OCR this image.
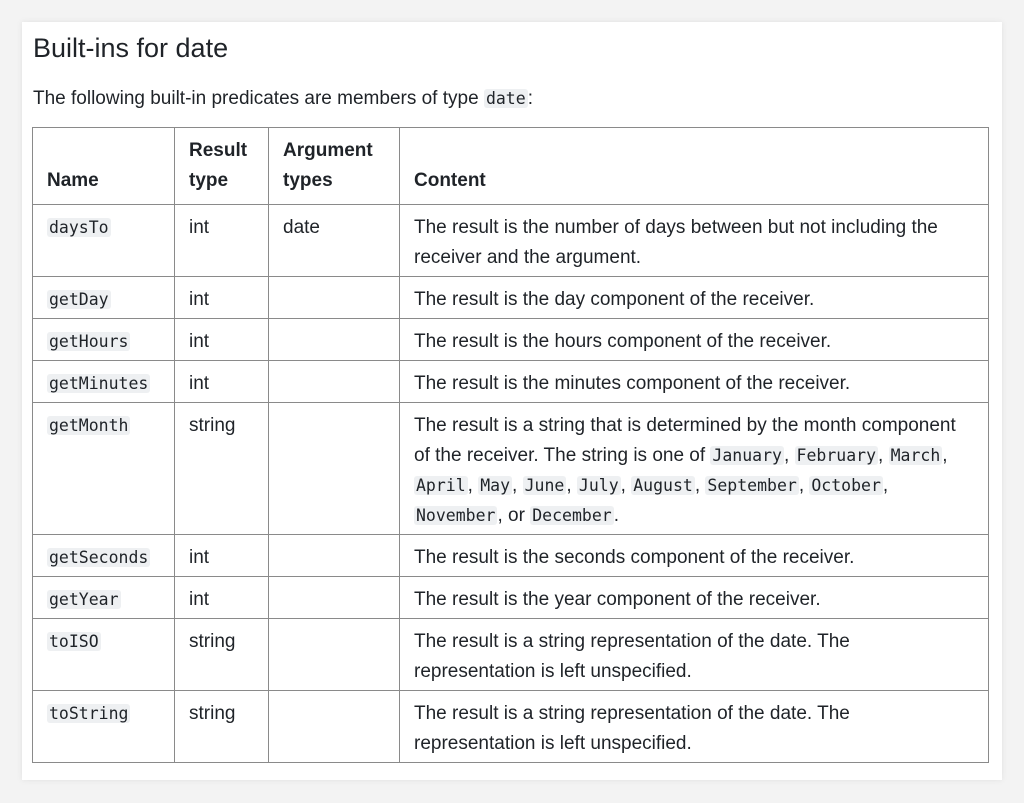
Built-ins for date

The following built-in predicates are members of type date :

Name	Result type	Argument types	Content
daysTo	int	date	The result is the number of days between but not including the receiver and the argument.
getDay	int		The result is the day component of the receiver.
getHours	int		The result is the hours component of the receiver.
getMinutes	int		The result is the minutes component of the receiver.
getMonth	string		The result is a string that is determined by the month component of the receiver. The string is one of January , February , March , April , May , June , July , August , September , October , November , or December .
getSeconds	int		The result is the seconds component of the receiver.
getYear	int		The result is the year component of the receiver.
toISO	string		The result is a string representation of the date. The representation is left unspecified.
toString	string		The result is a string representation of the date. The representation is left unspecified.
